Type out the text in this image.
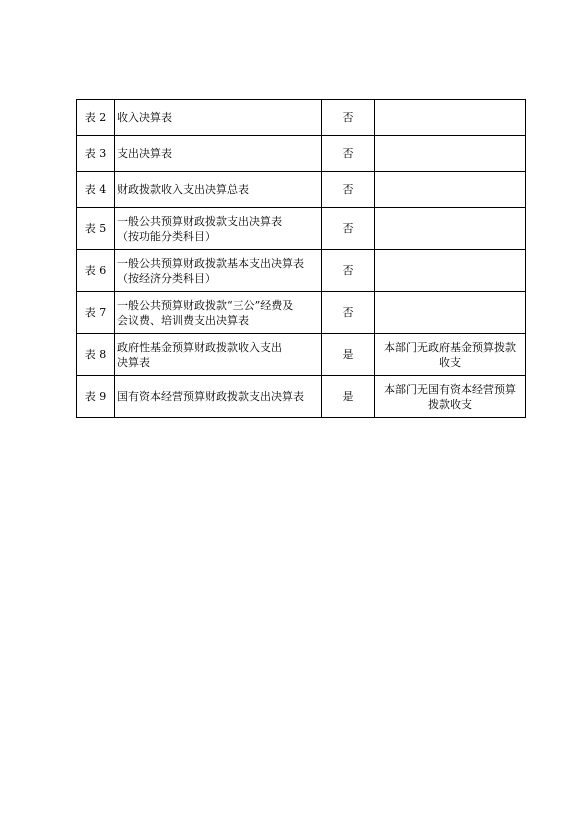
表 2	收入决算表	否	
表 3	支出决算表	否	
表 4	财政拨款收入支出决算总表	否	
表 5	一般公共预算财政拨款支出决算表
（按功能分类科目）	否	
表 6	一般公共预算财政拨款基本支出决算表
（按经济分类科目）	否	
表 7	一般公共预算财政拨款“三公”经费及
会议费、培训费支出决算表	否	
表 8	政府性基金预算财政拨款收入支出
决算表	是	本部门无政府基金预算拨款
收支

表 9	国有资本经营预算财政拨款支出决算表	是	本部门无国有资本经营预算
拨款收支
